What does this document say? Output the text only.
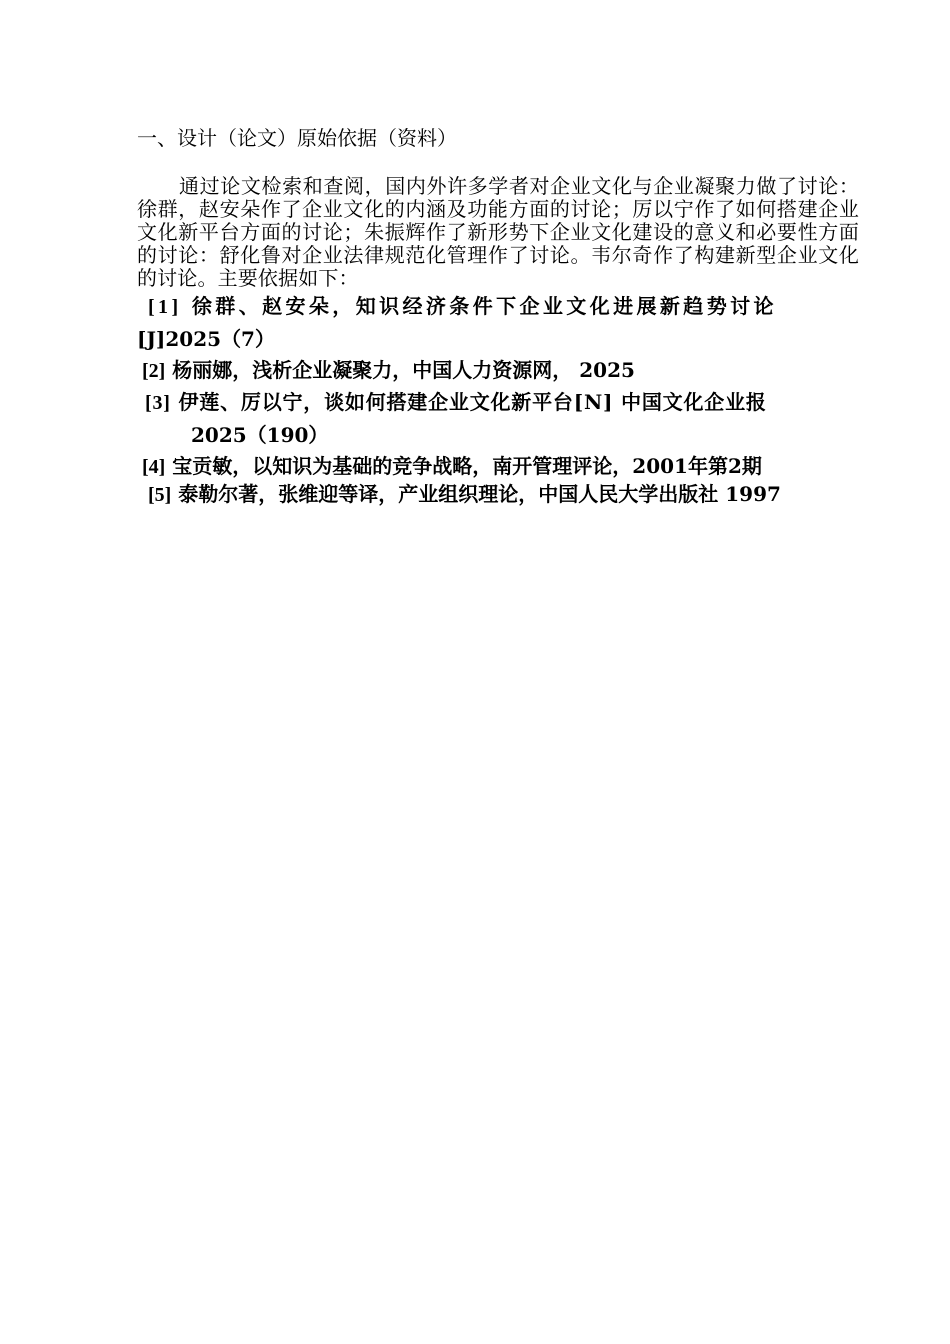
一、设计（论文）原始依据（资料）
通过论文检索和查阅，国内外许多学者对企业文化与企业凝聚力做了讨论：徐群，赵安朵作了企业文化的内涵及功能方面的讨论；厉以宁作了如何搭建企业文化新平台方面的讨论；朱振辉作了新形势下企业文化建设的意义和必要性方面的讨论：舒化鲁对企业法律规范化管理作了讨论。韦尔奇作了构建新型企业文化的讨论。主要依据如下：
[1] 徐群、赵安朵，知识经济条件下企业文化进展新趋势讨论
[J]2025（7）
[2] 杨丽娜，浅析企业凝聚力，中国人力资源网， 2025
[3] 伊莲、厉以宁，谈如何搭建企业文化新平台[N] 中国文化企业报
2025（190）
[4] 宝贡敏，以知识为基础的竞争战略，南开管理评论，2001年第2期
[5] 泰勒尔著，张维迎等译，产业组织理论，中国人民大学出版社 1997
